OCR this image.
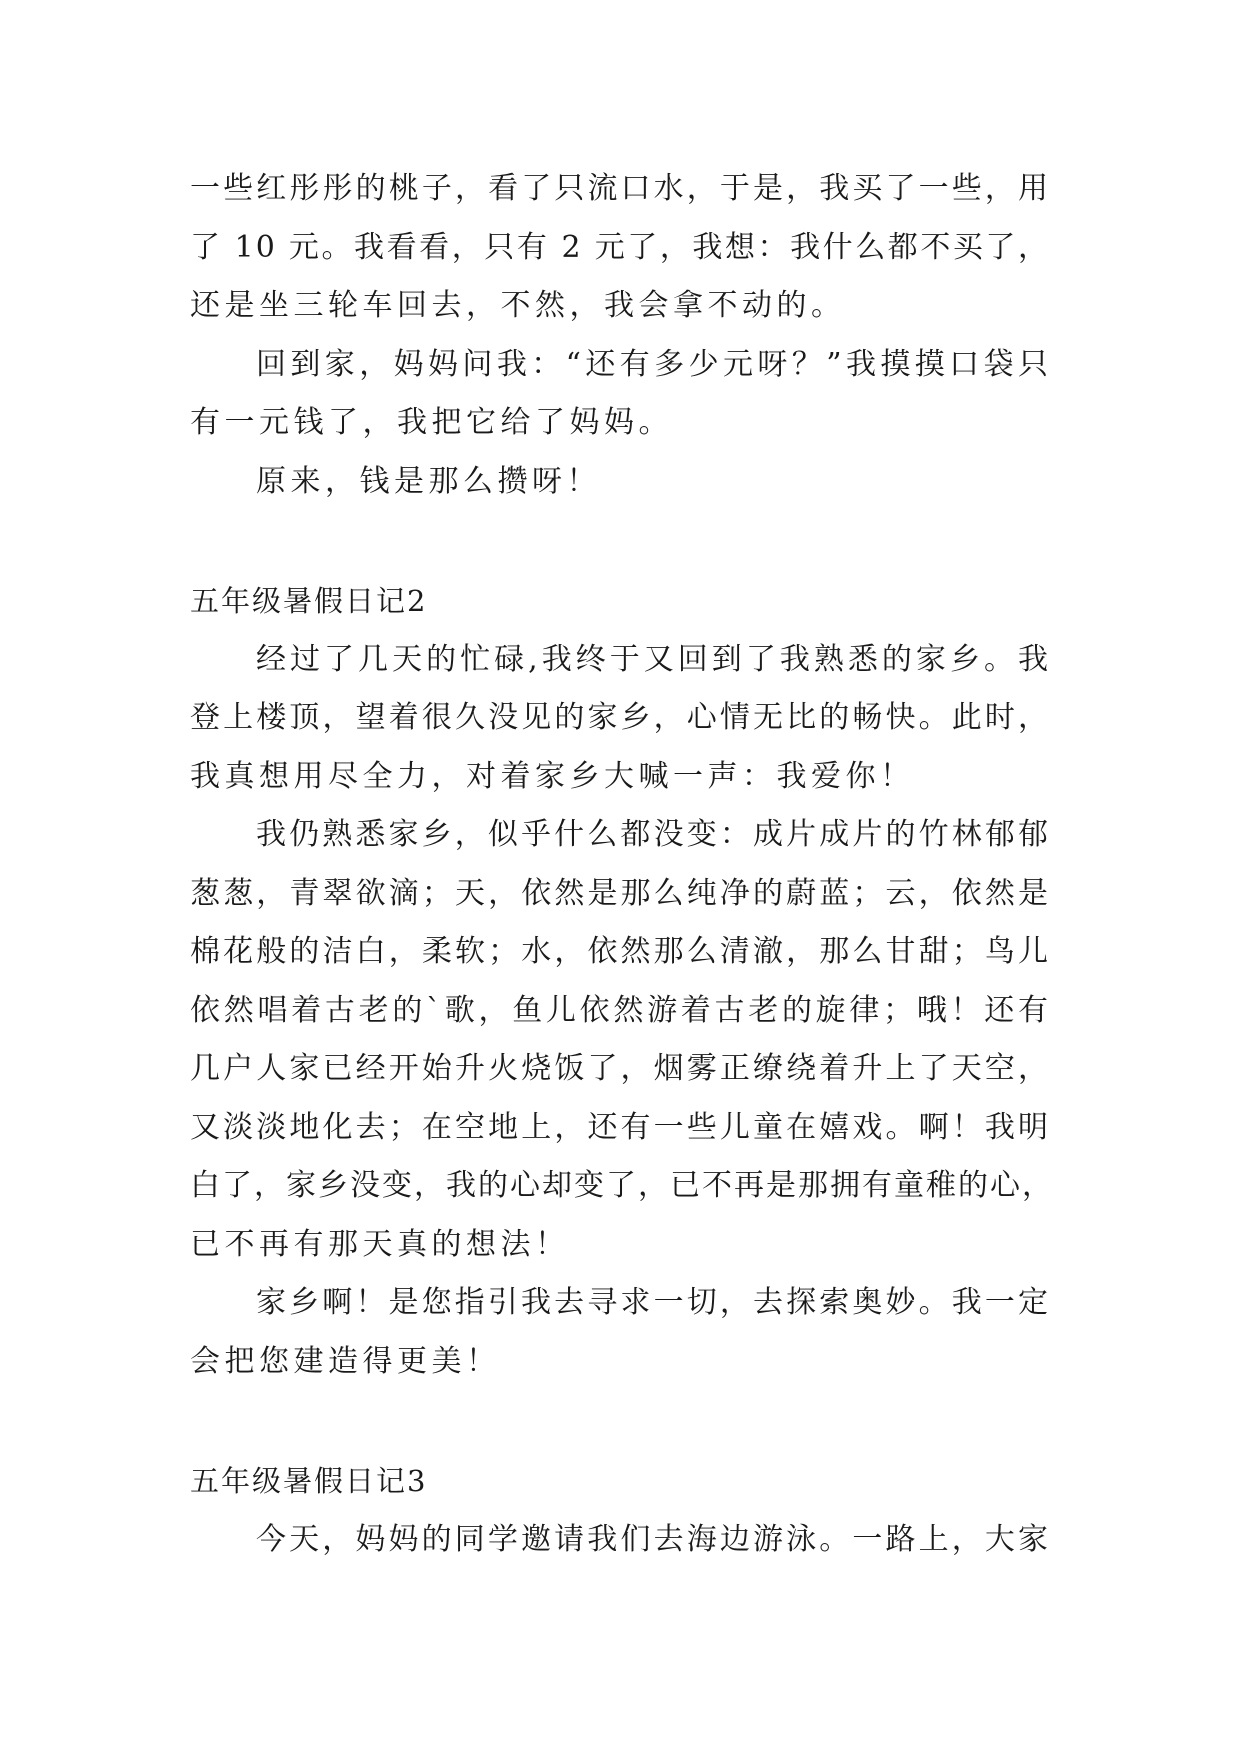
一些红彤彤的桃子，看了只流口水，于是，我买了一些，用
了 10 元。我看看，只有 2 元了，我想：我什么都不买了，
还是坐三轮车回去，不然，我会拿不动的。
回到家，妈妈问我：“还有多少元呀？”我摸摸口袋只
有一元钱了，我把它给了妈妈。
原来，钱是那么攒呀！
五年级暑假日记2
经过了几天的忙碌,我终于又回到了我熟悉的家乡。我
登上楼顶，望着很久没见的家乡，心情无比的畅快。此时，
我真想用尽全力，对着家乡大喊一声：我爱你！
我仍熟悉家乡，似乎什么都没变：成片成片的竹林郁郁
葱葱，青翠欲滴；天，依然是那么纯净的蔚蓝；云，依然是
棉花般的洁白，柔软；水，依然那么清澈，那么甘甜；鸟儿
依然唱着古老的`歌，鱼儿依然游着古老的旋律；哦！还有
几户人家已经开始升火烧饭了，烟雾正缭绕着升上了天空，
又淡淡地化去；在空地上，还有一些儿童在嬉戏。啊！我明
白了，家乡没变，我的心却变了，已不再是那拥有童稚的心，
已不再有那天真的想法！
家乡啊！是您指引我去寻求一切，去探索奥妙。我一定
会把您建造得更美！
五年级暑假日记3
今天，妈妈的同学邀请我们去海边游泳。一路上，大家
